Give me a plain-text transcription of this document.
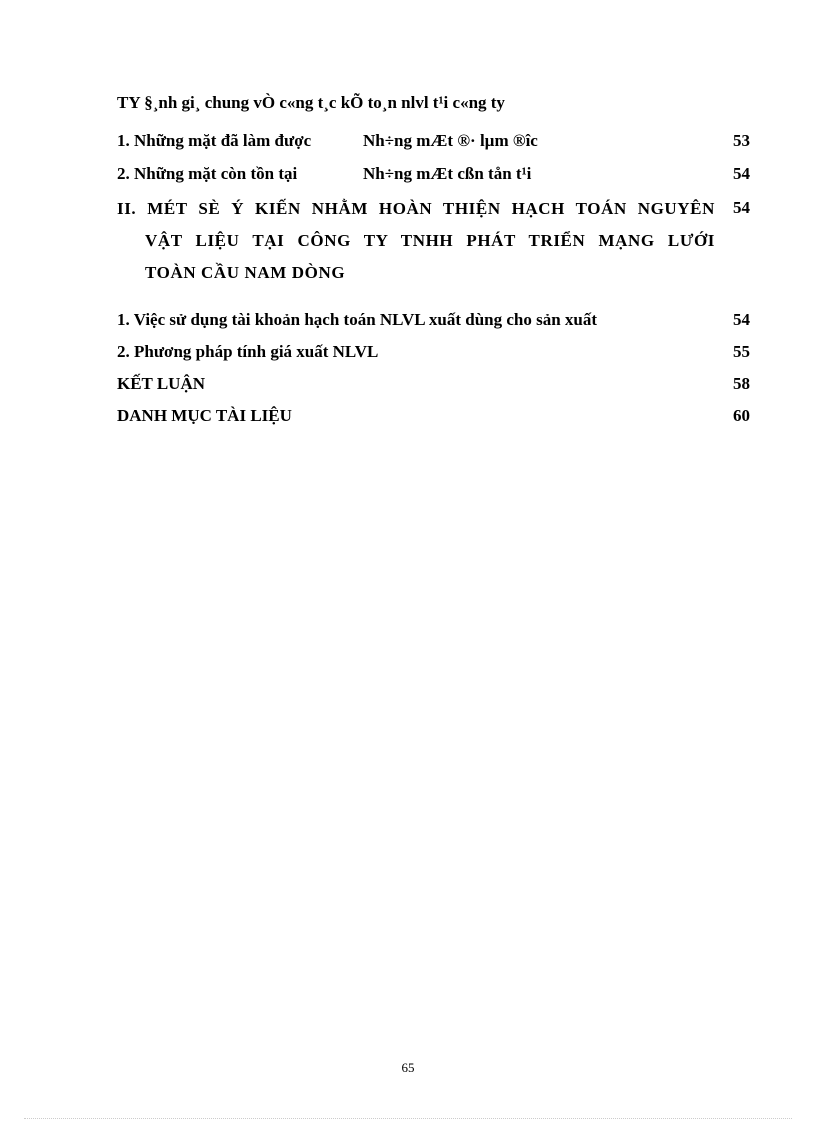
TY §¸nh gi¸ chung vÒ c«ng t¸c kÕ to¸n nlvl t¹i c«ng ty
1. Những mặt đã làm được	Nh÷ng mÆt ®· lµm ®îc	53
2. Những mặt còn tồn tại	Nh÷ng mÆt cßn tån t¹i	54
II. MÉT SÈ Ý KIẾN NHẰM HOÀN THIỆN HẠCH TOÁN NGUYÊN
VẬT LIỆU TẠI CÔNG TY TNHH PHÁT TRIỂN MẠNG LƯỚI
TOÀN CẦU NAM DÒNG
54
1. Việc sử dụng tài khoản hạch toán NLVL xuất dùng cho sản xuất	54
2. Phương pháp tính giá xuất NLVL	55
KẾT LUẬN	58
DANH MỤC TÀI LIỆU	60
65
